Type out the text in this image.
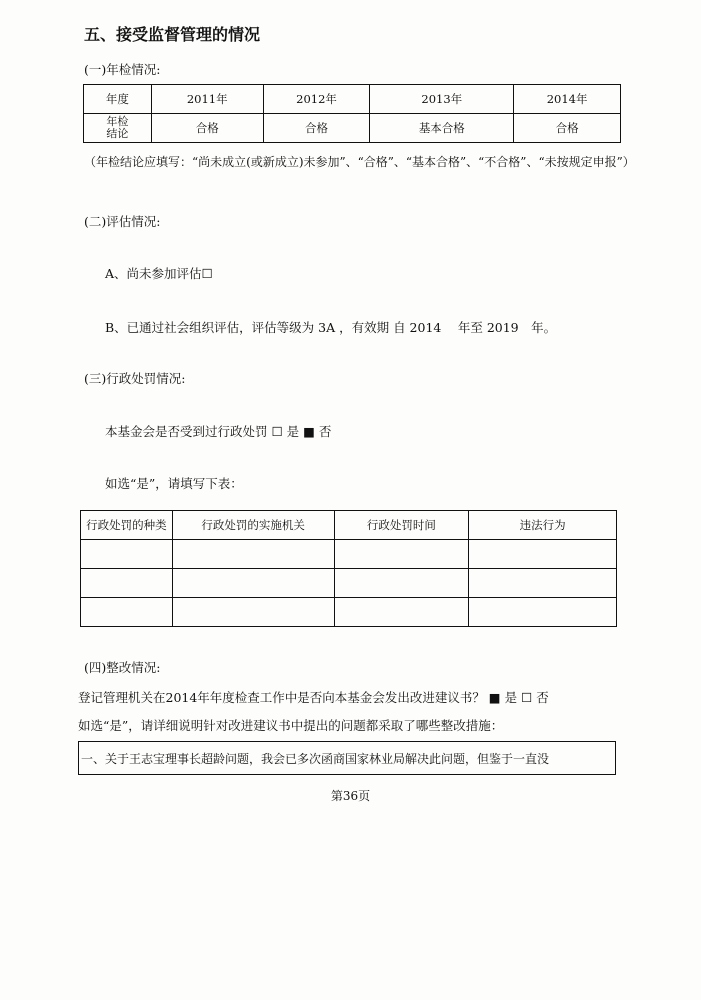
五、接受监督管理的情况
(一)年检情况:
年度	2011年	2012年	2013年	2014年

年检
结论	合格	合格	基本合格	合格
（年检结论应填写：“尚未成立(或新成立)未参加”、“合格”、“基本合格”、“不合格”、“未按规定申报”）
(二)评估情况:
A、尚未参加评估☐
B、已通过社会组织评估，评估等级为 3A ，有效期 自 2014　 年至 2019　年。
(三)行政处罚情况:
本基金会是否受到过行政处罚 ☐ 是 ■ 否
如选“是”，请填写下表：
行政处罚的种类	行政处罚的实施机关	行政处罚时间	违法行为

(四)整改情况:
登记管理机关在2014年年度检查工作中是否向本基金会发出改进建议书？ ■ 是 ☐ 否
如选“是”，请详细说明针对改进建议书中提出的问题都采取了哪些整改措施：
一、关于王志宝理事长超龄问题，我会已多次函商国家林业局解决此问题，但鉴于一直没
第36页
